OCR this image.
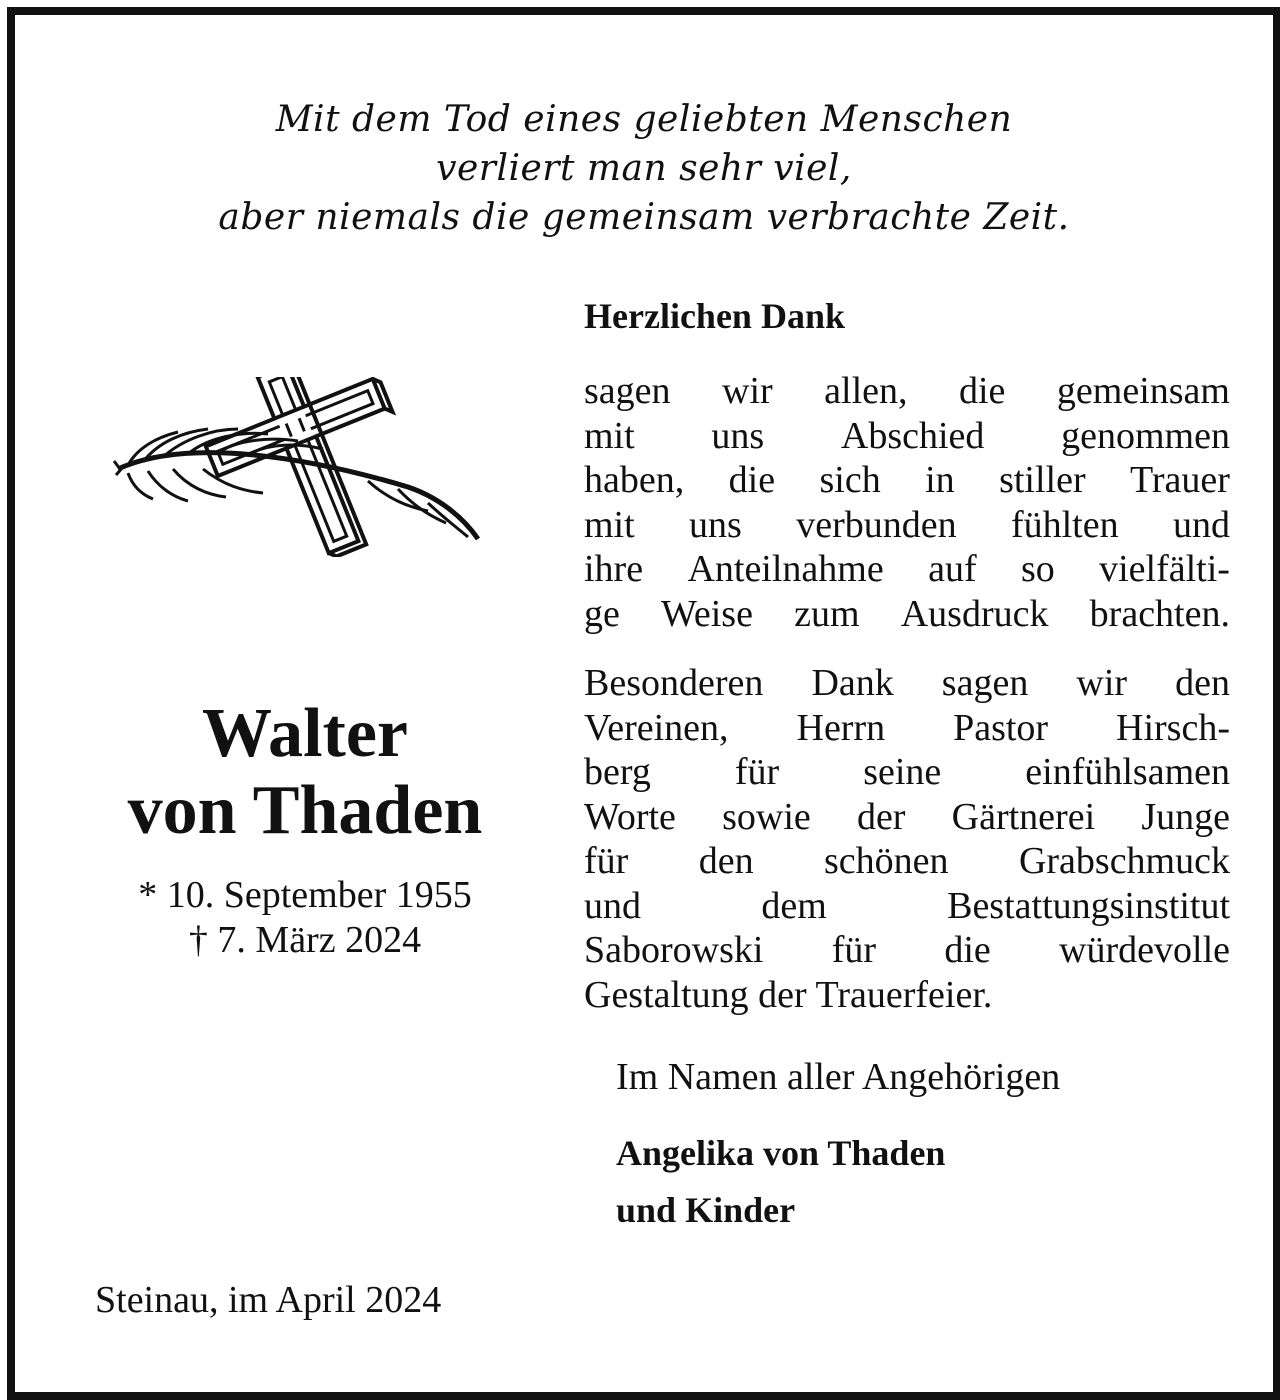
Mit dem Tod eines geliebten Menschen
verliert man sehr viel,
aber niemals die gemeinsam verbrachte Zeit.
Walter
von Thaden
* 10. September 1955
† 7. März 2024
Steinau, im April 2024
Herzlichen Dank
sagen wir allen, die gemeinsam
mit uns Abschied genommen
haben, die sich in stiller Trauer
mit uns verbunden fühlten und
ihre Anteilnahme auf so vielfälti-
ge Weise zum Ausdruck brachten.
Besonderen Dank sagen wir den
Vereinen, Herrn Pastor Hirsch-
berg für seine einfühlsamen
Worte sowie der Gärtnerei Junge
für den schönen Grabschmuck
und	dem	Bestattungsinstitut
Saborowski für die würdevolle
Gestaltung der Trauerfeier.
Im Namen aller Angehörigen
Angelika von Thaden
und Kinder
